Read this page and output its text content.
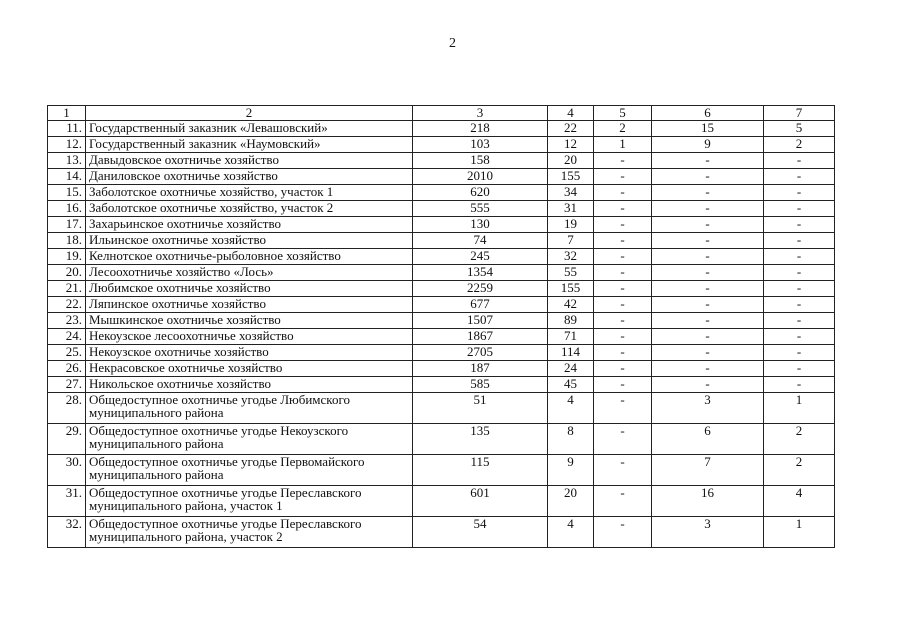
2
1	2	3	4	5	6	7
11.	Государственный заказник «Левашовский»	218	22	2	15	5
12.	Государственный заказник «Наумовский»	103	12	1	9	2
13.	Давыдовское охотничье хозяйство	158	20	-	-	-
14.	Даниловское охотничье хозяйство	2010	155	-	-	-
15.	Заболотское охотничье хозяйство, участок 1	620	34	-	-	-
16.	Заболотское охотничье хозяйство, участок 2	555	31	-	-	-
17.	Захарьинское охотничье хозяйство	130	19	-	-	-
18.	Ильинское охотничье хозяйство	74	7	-	-	-
19.	Келнотское охотничье-рыболовное хозяйство	245	32	-	-	-
20.	Лесоохотничье хозяйство «Лось»	1354	55	-	-	-
21.	Любимское охотничье хозяйство	2259	155	-	-	-
22.	Ляпинское охотничье хозяйство	677	42	-	-	-
23.	Мышкинское охотничье хозяйство	1507	89	-	-	-
24.	Некоузское лесоохотничье хозяйство	1867	71	-	-	-
25.	Некоузское охотничье хозяйство	2705	114	-	-	-
26.	Некрасовское охотничье хозяйство	187	24	-	-	-
27.	Никольское охотничье хозяйство	585	45	-	-	-
28.	Общедоступное охотничье угодье Любимского муниципального района	51	4	-	3	1
29.	Общедоступное охотничье угодье Некоузского муниципального района	135	8	-	6	2
30.	Общедоступное охотничье угодье Первомайского муниципального района	115	9	-	7	2
31.	Общедоступное охотничье угодье Переславского муниципального района, участок 1	601	20	-	16	4
32.	Общедоступное охотничье угодье Переславского муниципального района, участок 2	54	4	-	3	1
